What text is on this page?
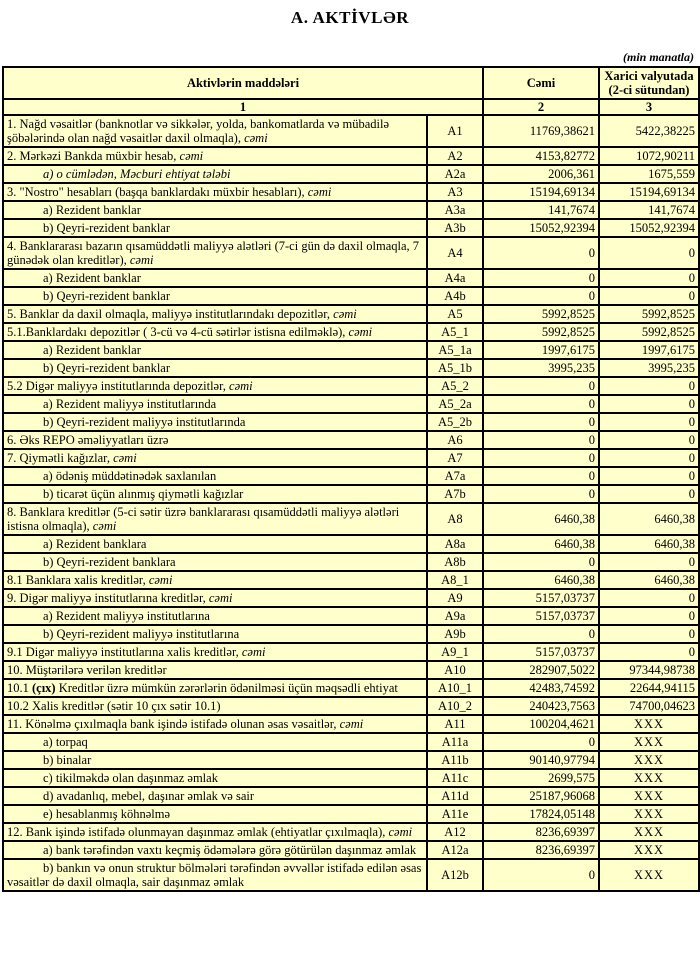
A. AKTİVLƏR
(min manatla)
Aktivlərin maddələri		Cəmi	Xarici valyutada (2-ci sütundan)
1		2	3
1. Nağd vəsaitlər (banknotlar və sikkələr, yolda, bankomatlarda və mübadilə şöbələrində olan nağd vəsaitlər daxil olmaqla), cəmi	A1	11769,38621	5422,38225
2. Mərkəzi Bankda müxbir hesab, cəmi	A2	4153,82772	1072,90211
a) o cümlədən, Məcburi ehtiyat tələbi	A2a	2006,361	1675,559
3. "Nostro" hesabları (başqa banklardakı müxbir hesabları), cəmi	A3	15194,69134	15194,69134
a) Rezident banklar	A3a	141,7674	141,7674
b) Qeyri-rezident banklar	A3b	15052,92394	15052,92394
4. Banklararası bazarın qısamüddətli maliyyə alətləri (7-ci gün də daxil olmaqla, 7 günədək olan kreditlər), cəmi	A4	0	0
a) Rezident banklar	A4a	0	0
b) Qeyri-rezident banklar	A4b	0	0
5. Banklar da daxil olmaqla, maliyyə institutlarındakı depozitlər, cəmi	A5	5992,8525	5992,8525
5.1.Banklardakı depozitlər ( 3-cü və 4-cü sətirlər istisna edilməklə), cəmi	A5_1	5992,8525	5992,8525
a) Rezident banklar	A5_1a	1997,6175	1997,6175
b) Qeyri-rezident banklar	A5_1b	3995,235	3995,235
5.2 Digər maliyyə institutlarında depozitlər, cəmi	A5_2	0	0
a) Rezident maliyyə institutlarında	A5_2a	0	0
b) Qeyri-rezident maliyyə institutlarında	A5_2b	0	0
6. Əks REPO əməliyyatları üzrə	A6	0	0
7. Qiymətli kağızlar, cəmi	A7	0	0
a) ödəniş müddətinədək saxlanılan	A7a	0	0
b) ticarət üçün alınmış qiymətli kağızlar	A7b	0	0
8. Banklara kreditlər (5-ci sətir üzrə banklararası qısamüddətli maliyyə alətləri istisna olmaqla), cəmi	A8	6460,38	6460,38
a) Rezident banklara	A8a	6460,38	6460,38
b) Qeyri-rezident banklara	A8b	0	0
8.1 Banklara xalis kreditlər, cəmi	A8_1	6460,38	6460,38
9. Digər maliyyə institutlarına kreditlər, cəmi	A9	5157,03737	0
a) Rezident maliyyə institutlarına	A9a	5157,03737	0
b) Qeyri-rezident maliyyə institutlarına	A9b	0	0
9.1 Digər maliyyə institutlarına xalis kreditlər, cəmi	A9_1	5157,03737	0
10. Müştərilərə verilən kreditlər	A10	282907,5022	97344,98738
10.1 (çıx) Kreditlər üzrə mümkün zərərlərin ödənilməsi üçün məqsədli ehtiyat	A10_1	42483,74592	22644,94115
10.2 Xalis kreditlər (sətir 10 çıx sətir 10.1)	A10_2	240423,7563	74700,04623
11. Könəlmə çıxılmaqla bank işində istifadə olunan əsas vəsaitlər, cəmi	A11	100204,4621	XXX
a) torpaq	A11a	0	XXX
b) binalar	A11b	90140,97794	XXX
c) tikilməkdə olan daşınmaz əmlak	A11c	2699,575	XXX
d) avadanlıq, mebel, daşınar əmlak və sair	A11d	25187,96068	XXX
e) hesablanmış köhnəlmə	A11e	17824,05148	XXX
12. Bank işində istifadə olunmayan daşınmaz əmlak (ehtiyatlar çıxılmaqla), cəmi	A12	8236,69397	XXX
a) bank tərəfindən vaxtı keçmiş ödəmələrə görə götürülən daşınmaz əmlak	A12a	8236,69397	XXX
b) bankın və onun struktur bölmələri tərəfindən əvvəllər istifadə edilən əsas vəsaitlər də daxil olmaqla, sair daşınmaz əmlak	A12b	0	XXX
